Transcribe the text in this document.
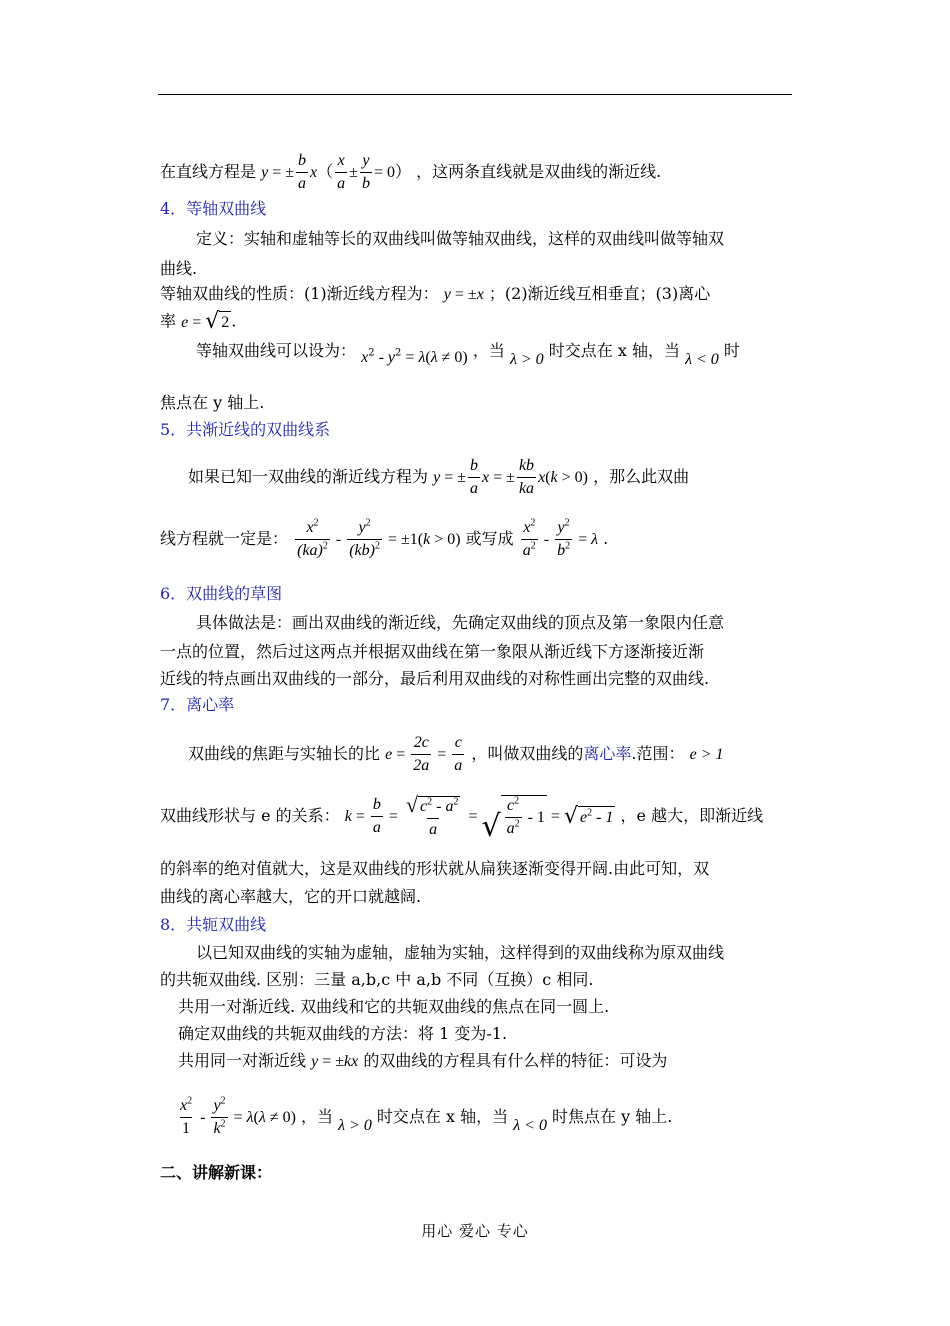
在直线方程是 y = ± $\frac{b}{a} x( \frac{x}{a} \pm \frac{y}{b} = 0)$ ，这两条直线就是双曲线的渐近线.
4．等轴双曲线
定义：实轴和虚轴等长的双曲线叫做等轴双曲线，这样的双曲线叫做等轴双
曲线.
等轴双曲线的性质：(1)渐近线方程为： y = ±x ；(2)渐近线互相垂直；(3)离心
率 e = √ 2 .
等轴双曲线可以设为： $x^2 - y^2 = \lambda(\lambda \ne 0)$ ，当 λ > 0 时交点在 x 轴，当 λ < 0 时
焦点在 y 轴上.
5．共渐近线的双曲线系
如果已知一双曲线的渐近线方程为 y = ± $\frac{b}{a}$ x = ± $\frac{kb}{ka} x(k > 0)$ ，那么此双曲
线方程就一定是： $\frac{x^2}{(ka)^2} - \frac{y^2}{(kb)^2} = \pm 1(k > 0)$ 或写成 $\frac{x^2}{a^2} - \frac{y^2}{b^2} = \lambda$ .
6．双曲线的草图
具体做法是：画出双曲线的渐近线，先确定双曲线的顶点及第一象限内任意
一点的位置，然后过这两点并根据双曲线在第一象限从渐近线下方逐渐接近渐
近线的特点画出双曲线的一部分，最后利用双曲线的对称性画出完整的双曲线.
7．离心率
双曲线的焦距与实轴长的比 $e = \frac{2c}{2a} = \frac{c}{a}$ ，叫做双曲线的离心率.范围： e > 1
双曲线形状与 e 的关系： $k = \frac{b}{a} = \frac{√ c^2 - a^2}{a}$ = √ $\frac{c^2}{a^2} - 1$ = √ $e^2 - 1$ ，e 越大，即渐近线
的斜率的绝对值就大，这是双曲线的形状就从扁狭逐渐变得开阔.由此可知，双
曲线的离心率越大，它的开口就越阔.
8．共轭双曲线
以已知双曲线的实轴为虚轴，虚轴为实轴，这样得到的双曲线称为原双曲线
的共轭双曲线. 区别：三量 a,b,c 中 a,b 不同（互换）c 相同.
共用一对渐近线. 双曲线和它的共轭双曲线的焦点在同一圆上.
确定双曲线的共轭双曲线的方法：将 1 变为-1.
共用同一对渐近线 y = ±kx 的双曲线的方程具有什么样的特征：可设为
$\frac{x^2}{1} - \frac{y^2}{k^2} = \lambda(\lambda \ne 0)$ ，当 λ > 0 时交点在 x 轴，当 λ < 0 时焦点在 y 轴上.
二、讲解新课：
用心 爱心 专心
